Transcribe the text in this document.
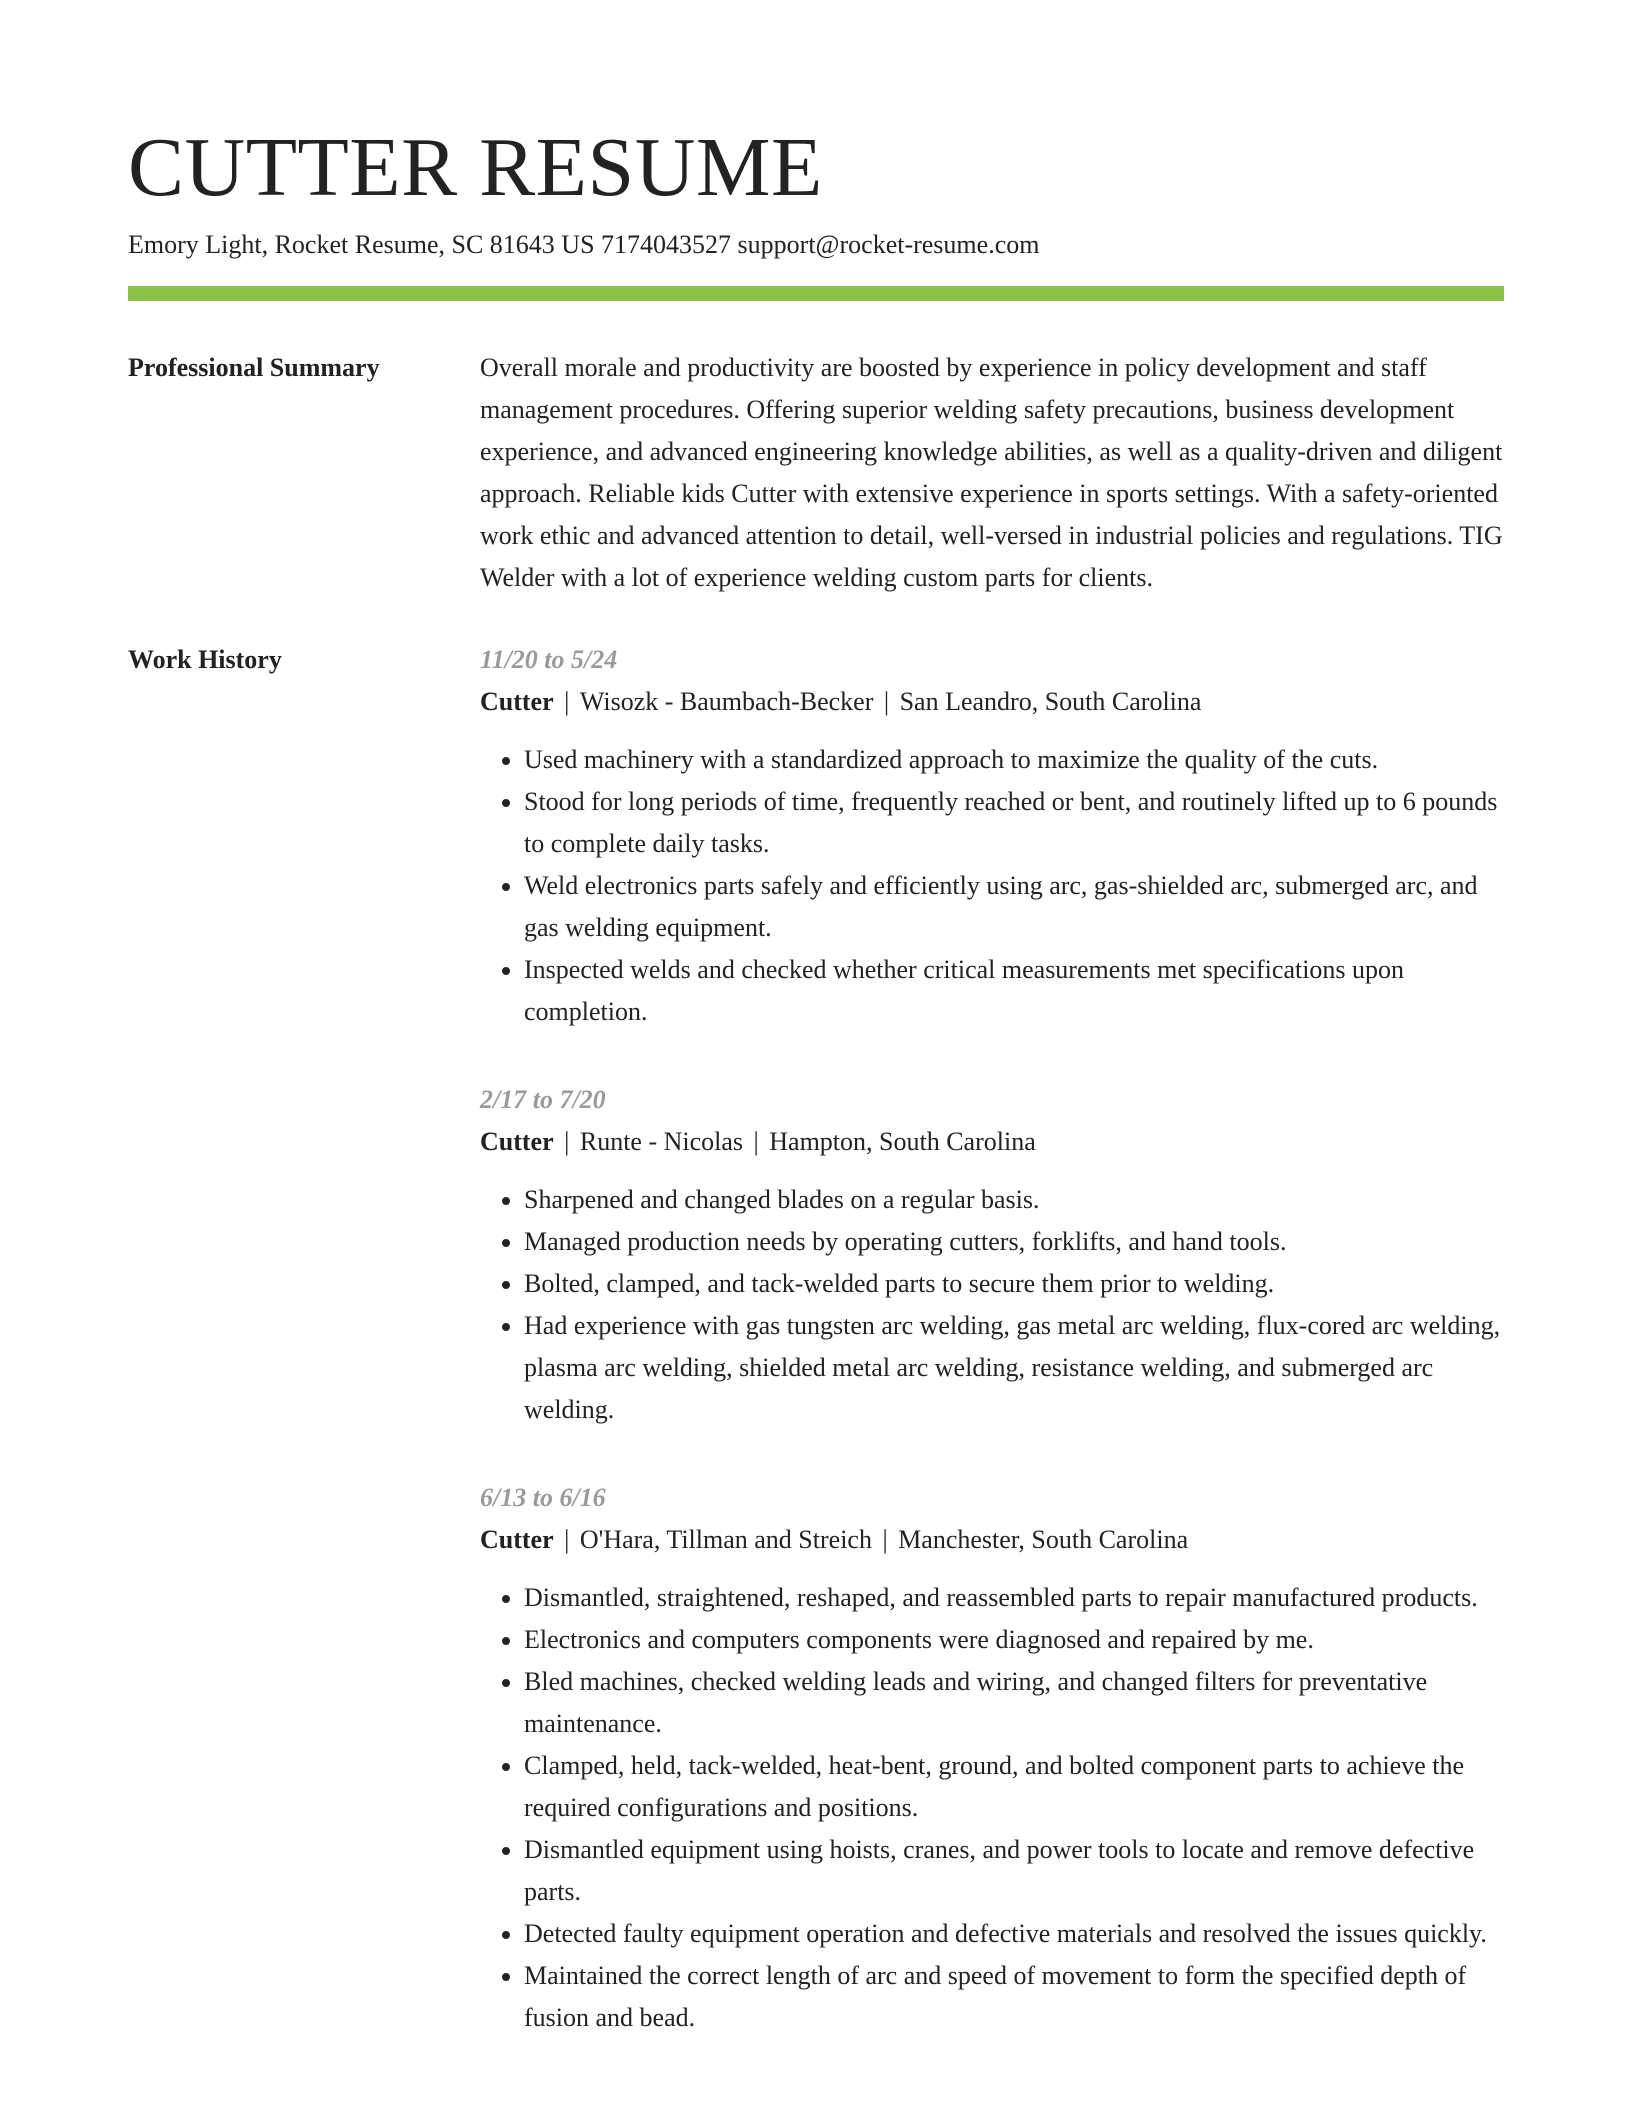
CUTTER RESUME
Emory Light, Rocket Resume, SC 81643 US 7174043527 support@rocket-resume.com
Professional Summary	Overall morale and productivity are boosted by experience in policy development and staff management procedures. Offering superior welding safety precautions, business development experience, and advanced engineering knowledge abilities, as well as a quality-driven and diligent approach. Reliable kids Cutter with extensive experience in sports settings. With a safety-oriented work ethic and advanced attention to detail, well-versed in industrial policies and regulations. TIG Welder with a lot of experience welding custom parts for clients.

Work History	11/20 to 5/24
Cutter | Wisozk - Baumbach-Becker | San Leandro, South Carolina
• Used machinery with a standardized approach to maximize the quality of the cuts.
• Stood for long periods of time, frequently reached or bent, and routinely lifted up to 6 pounds to complete daily tasks.
• Weld electronics parts safely and efficiently using arc, gas-shielded arc, submerged arc, and gas welding equipment.
• Inspected welds and checked whether critical measurements met specifications upon completion.
2/17 to 7/20
Cutter | Runte - Nicolas | Hampton, South Carolina
• Sharpened and changed blades on a regular basis.
• Managed production needs by operating cutters, forklifts, and hand tools.
• Bolted, clamped, and tack-welded parts to secure them prior to welding.
• Had experience with gas tungsten arc welding, gas metal arc welding, flux-cored arc welding, plasma arc welding, shielded metal arc welding, resistance welding, and submerged arc welding.
6/13 to 6/16
Cutter | O'Hara, Tillman and Streich | Manchester, South Carolina
• Dismantled, straightened, reshaped, and reassembled parts to repair manufactured products.
• Electronics and computers components were diagnosed and repaired by me.
• Bled machines, checked welding leads and wiring, and changed filters for preventative maintenance.
• Clamped, held, tack-welded, heat-bent, ground, and bolted component parts to achieve the required configurations and positions.
• Dismantled equipment using hoists, cranes, and power tools to locate and remove defective parts.
• Detected faulty equipment operation and defective materials and resolved the issues quickly.
• Maintained the correct length of arc and speed of movement to form the specified depth of fusion and bead.
